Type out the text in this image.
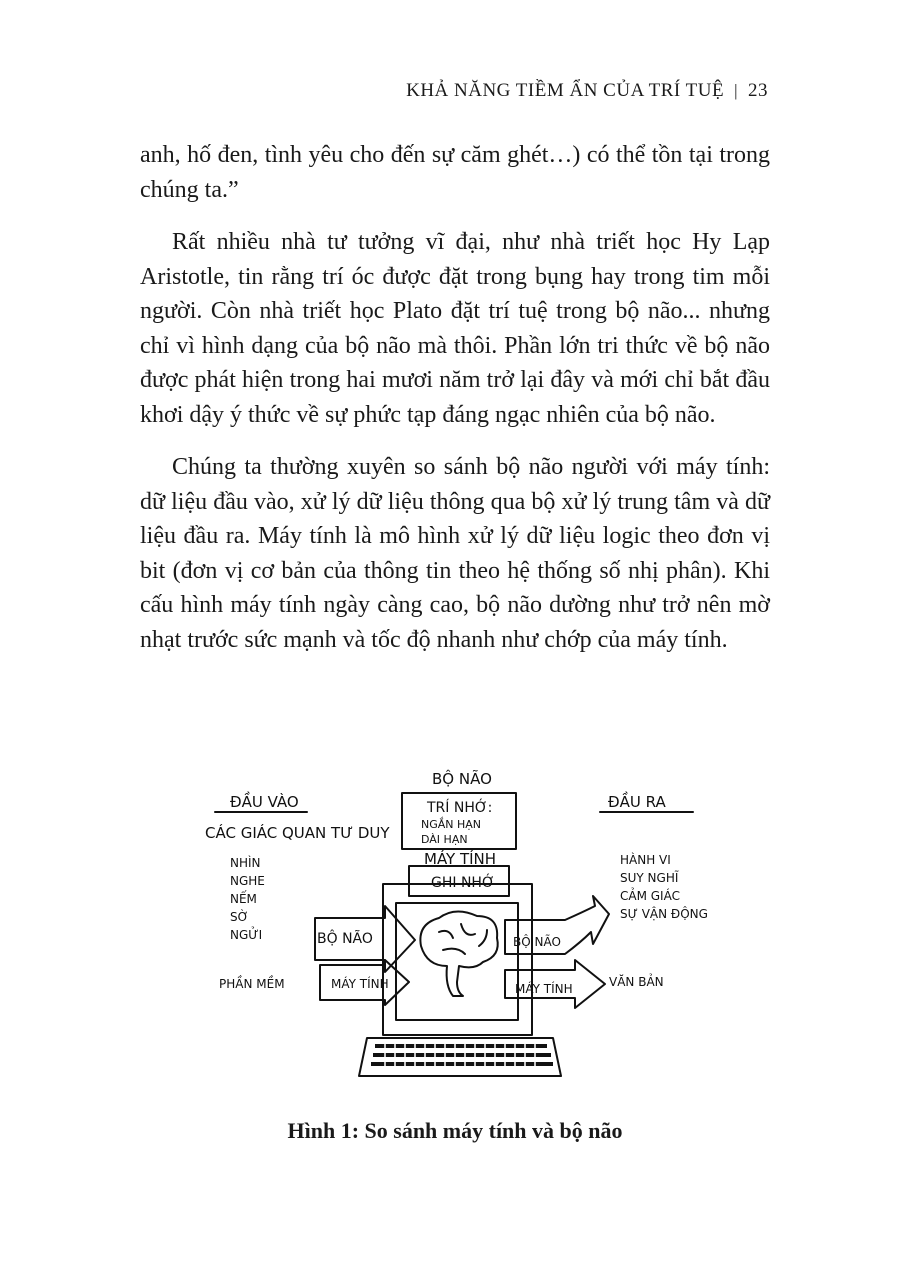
KHẢ NĂNG TIỀM ẨN CỦA TRÍ TUỆ | 23

anh, hố đen, tình yêu cho đến sự căm ghét…) có thể tồn tại trong chúng ta.”

Rất nhiều nhà tư tưởng vĩ đại, như nhà triết học Hy Lạp Aristotle, tin rằng trí óc được đặt trong bụng hay trong tim mỗi người. Còn nhà triết học Plato đặt trí tuệ trong bộ não... nhưng chỉ vì hình dạng của bộ não mà thôi. Phần lớn tri thức về bộ não được phát hiện trong hai mươi năm trở lại đây và mới chỉ bắt đầu khơi dậy ý thức về sự phức tạp đáng ngạc nhiên của bộ não.

Chúng ta thường xuyên so sánh bộ não người với máy tính: dữ liệu đầu vào, xử lý dữ liệu thông qua bộ xử lý trung tâm và dữ liệu đầu ra. Máy tính là mô hình xử lý dữ liệu logic theo đơn vị bit (đơn vị cơ bản của thông tin theo hệ thống số nhị phân). Khi cấu hình máy tính ngày càng cao, bộ não dường như trở nên mờ nhạt trước sức mạnh và tốc độ nhanh như chớp của máy tính.

ĐẦU VÀO
CÁC GIÁC QUAN TƯ DUY
NHÌN
NGHE
NẾM
SỜ
NGỬI
PHẦN MỀM
BỘ NÃO
TRÍ NHỚ:
NGẮN HẠN
DÀI HẠN
MÁY TÍNH
GHI NHỚ
BỘ NÃO
MÁY TÍNH
BỘ NÃO
MÁY TÍNH
ĐẦU RA
HÀNH VI
SUY NGHĨ
CẢM GIÁC
SỰ VẬN ĐỘNG
VĂN BẢN
Hình 1: So sánh máy tính và bộ não
